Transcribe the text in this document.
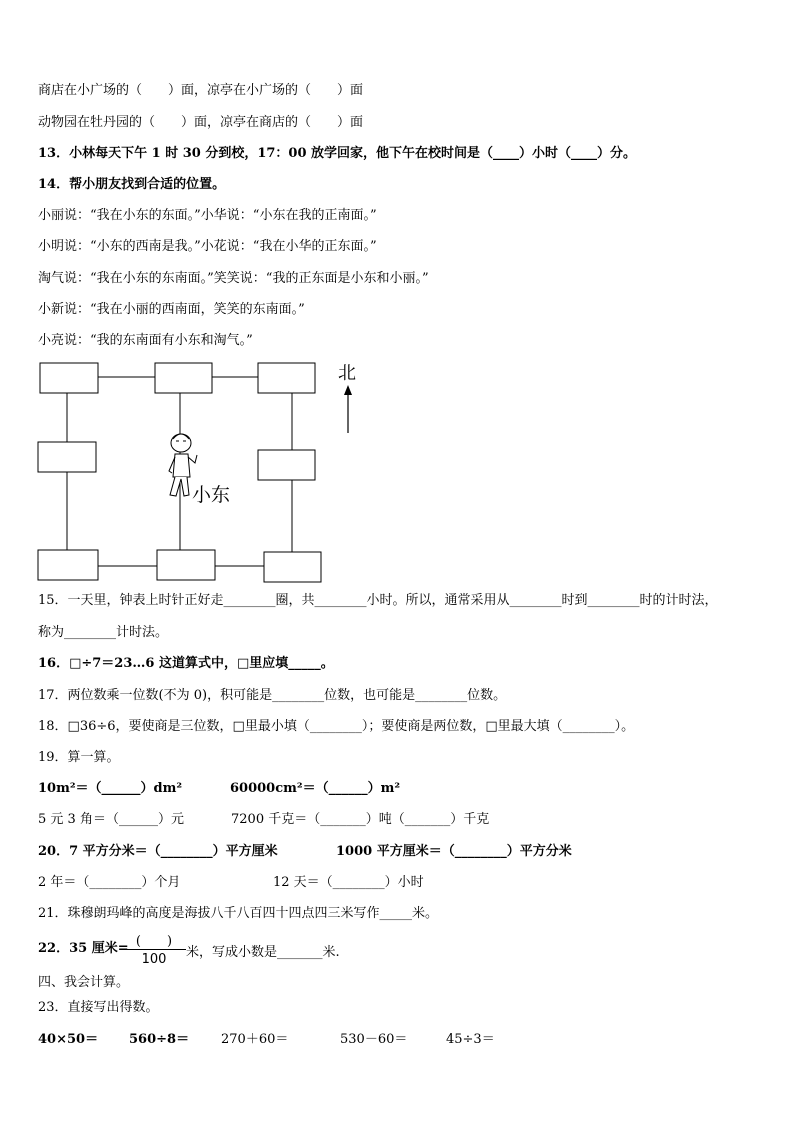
商店在小广场的（　　）面，凉亭在小广场的（　　）面
动物园在牡丹园的（　　）面，凉亭在商店的（　　）面
13．小林每天下午 1 时 30 分到校，17：00 放学回家，他下午在校时间是（____）小时（____）分。
14．帮小朋友找到合适的位置。
小丽说：“我在小东的东面。”小华说：“小东在我的正南面。”
小明说：“小东的西南是我。”小花说：“我在小华的正东面。”
淘气说：“我在小东的东南面。”笑笑说：“我的正东面是小东和小丽。”
小新说：“我在小丽的西南面，笑笑的东南面。”
小亮说：“我的东南面有小东和淘气。”
北
小东
15．一天里，钟表上时针正好走________圈，共________小时。所以，通常采用从________时到________时的计时法，
称为________计时法。
16．□÷7＝23…6 这道算式中，□里应填_____。
17．两位数乘一位数(不为 0)，积可能是________位数，也可能是________位数。
18．□36÷6，要使商是三位数，□里最小填（________）；要使商是两位数，□里最大填（________）。
19．算一算。
10m²＝（______）dm²	60000cm²＝（______）m²
5 元 3 角＝（______）元	7200 千克＝（_______）吨（_______）千克
20．7 平方分米＝（________）平方厘米	1000 平方厘米＝（________）平方分米
2 年＝（________）个月	12 天＝（________）小时
21．珠穆朗玛峰的高度是海拔八千八百四十四点四三米写作_____米。
22．35 厘米= (　　)
100	米，写成小数是_______米.
四、我会计算。
23．直接写出得数。
40×50＝ 560÷8＝ 270＋60＝	530－60＝	45÷3＝
